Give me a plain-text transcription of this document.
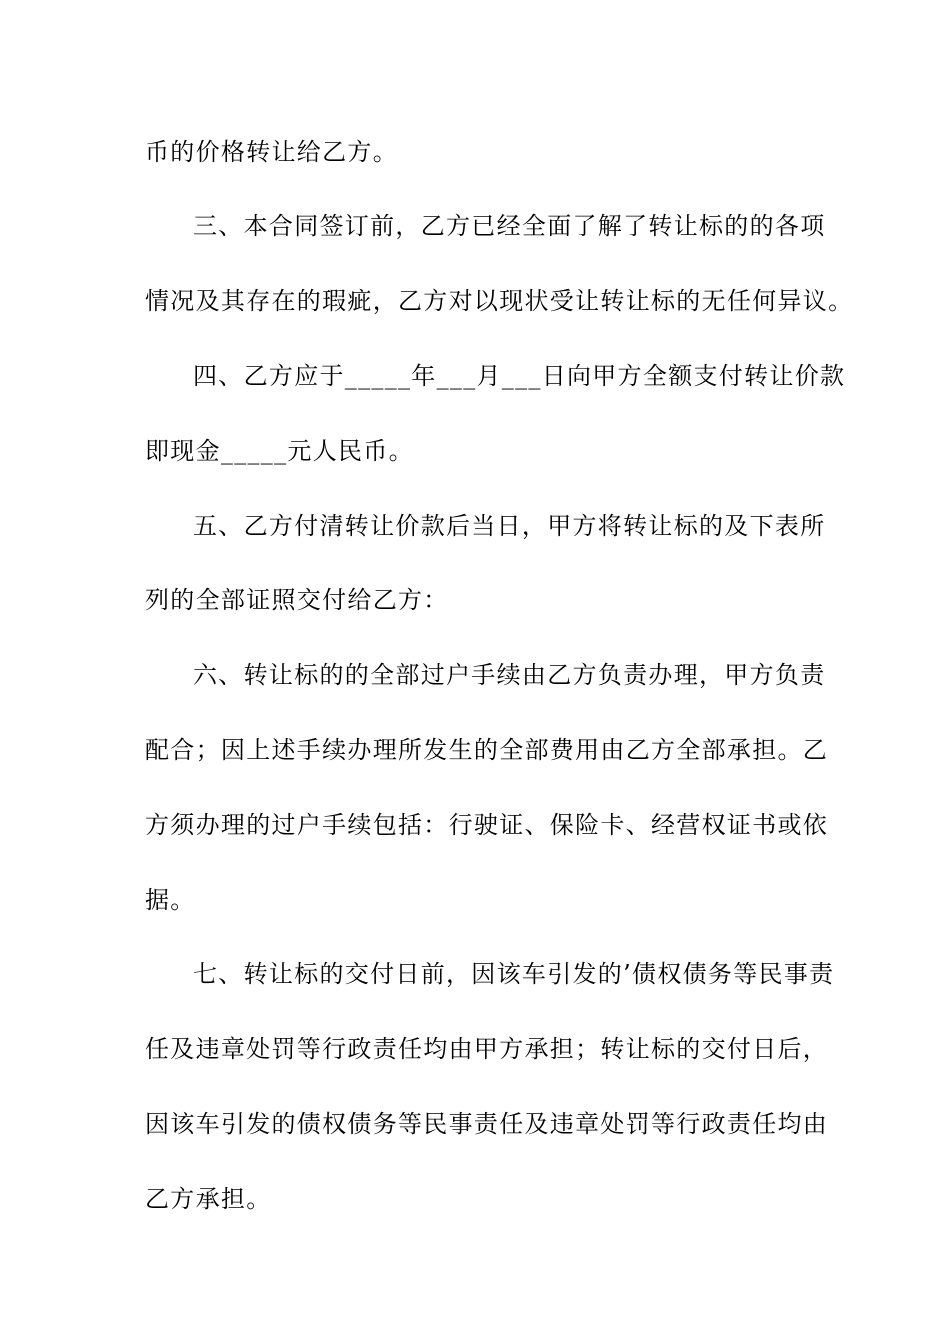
币的价格转让给乙方。
三、本合同签订前，乙方已经全面了解了转让标的的各项
情况及其存在的瑕疵，乙方对以现状受让转让标的无任何异议。
四、乙方应于_____年___月___日向甲方全额支付转让价款
即现金_____元人民币。
五、乙方付清转让价款后当日，甲方将转让标的及下表所
列的全部证照交付给乙方：
六、转让标的的全部过户手续由乙方负责办理，甲方负责
配合；因上述手续办理所发生的全部费用由乙方全部承担。乙
方须办理的过户手续包括：行驶证、保险卡、经营权证书或依
据。
七、转让标的交付日前，因该车引发的’债权债务等民事责
任及违章处罚等行政责任均由甲方承担；转让标的交付日后，
因该车引发的债权债务等民事责任及违章处罚等行政责任均由
乙方承担。
